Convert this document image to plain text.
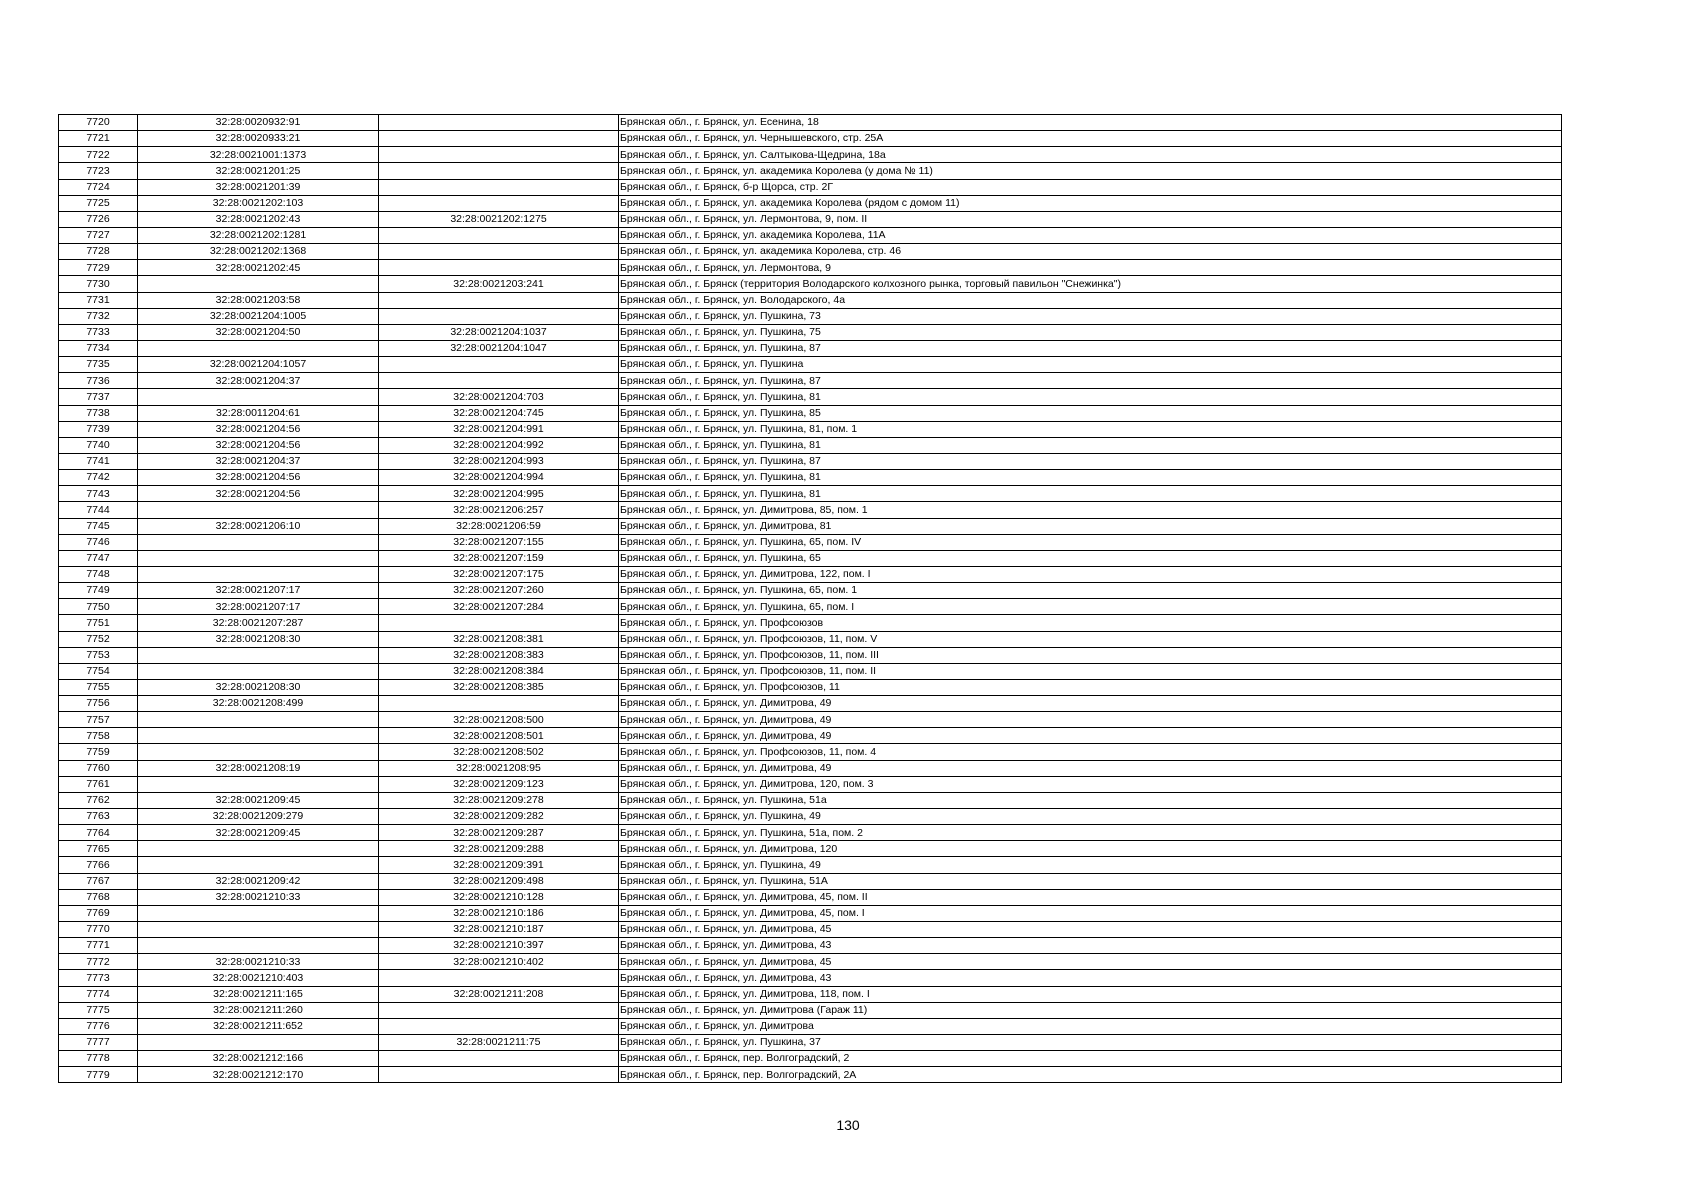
7720	32:28:0020932:91		Брянская обл., г. Брянск, ул. Есенина, 18
7721	32:28:0020933:21		Брянская обл., г. Брянск, ул. Чернышевского, стр. 25А
7722	32:28:0021001:1373		Брянская обл., г. Брянск, ул. Салтыкова-Щедрина, 18а
7723	32:28:0021201:25		Брянская обл., г. Брянск, ул. академика Королева (у дома № 11)
7724	32:28:0021201:39		Брянская обл., г. Брянск, б-р Щорса, стр. 2Г
7725	32:28:0021202:103		Брянская обл., г. Брянск, ул. академика Королева (рядом с домом 11)
7726	32:28:0021202:43	32:28:0021202:1275	Брянская обл., г. Брянск, ул. Лермонтова, 9, пом. II
7727	32:28:0021202:1281		Брянская обл., г. Брянск, ул. академика Королева, 11А
7728	32:28:0021202:1368		Брянская обл., г. Брянск, ул. академика Королева, стр. 46
7729	32:28:0021202:45		Брянская обл., г. Брянск, ул. Лермонтова, 9
7730		32:28:0021203:241	Брянская обл., г. Брянск (территория Володарского колхозного рынка, торговый павильон "Снежинка")
7731	32:28:0021203:58		Брянская обл., г. Брянск, ул. Володарского, 4а
7732	32:28:0021204:1005		Брянская обл., г. Брянск, ул. Пушкина, 73
7733	32:28:0021204:50	32:28:0021204:1037	Брянская обл., г. Брянск, ул. Пушкина, 75
7734		32:28:0021204:1047	Брянская обл., г. Брянск, ул. Пушкина, 87
7735	32:28:0021204:1057		Брянская обл., г. Брянск, ул. Пушкина
7736	32:28:0021204:37		Брянская обл., г. Брянск, ул. Пушкина, 87
7737		32:28:0021204:703	Брянская обл., г. Брянск, ул. Пушкина, 81
7738	32:28:0011204:61	32:28:0021204:745	Брянская обл., г. Брянск, ул. Пушкина, 85
7739	32:28:0021204:56	32:28:0021204:991	Брянская обл., г. Брянск, ул. Пушкина, 81, пом. 1
7740	32:28:0021204:56	32:28:0021204:992	Брянская обл., г. Брянск, ул. Пушкина, 81
7741	32:28:0021204:37	32:28:0021204:993	Брянская обл., г. Брянск, ул. Пушкина, 87
7742	32:28:0021204:56	32:28:0021204:994	Брянская обл., г. Брянск, ул. Пушкина, 81
7743	32:28:0021204:56	32:28:0021204:995	Брянская обл., г. Брянск, ул. Пушкина, 81
7744		32:28:0021206:257	Брянская обл., г. Брянск, ул. Димитрова, 85, пом. 1
7745	32:28:0021206:10	32:28:0021206:59	Брянская обл., г. Брянск, ул. Димитрова, 81
7746		32:28:0021207:155	Брянская обл., г. Брянск, ул. Пушкина, 65, пом. IV
7747		32:28:0021207:159	Брянская обл., г. Брянск, ул. Пушкина, 65
7748		32:28:0021207:175	Брянская обл., г. Брянск, ул. Димитрова, 122, пом. I
7749	32:28:0021207:17	32:28:0021207:260	Брянская обл., г. Брянск, ул. Пушкина, 65, пом. 1
7750	32:28:0021207:17	32:28:0021207:284	Брянская обл., г. Брянск, ул. Пушкина, 65, пом. I
7751	32:28:0021207:287		Брянская обл., г. Брянск, ул. Профсоюзов
7752	32:28:0021208:30	32:28:0021208:381	Брянская обл., г. Брянск, ул. Профсоюзов, 11, пом. V
7753		32:28:0021208:383	Брянская обл., г. Брянск, ул. Профсоюзов, 11, пом. III
7754		32:28:0021208:384	Брянская обл., г. Брянск, ул. Профсоюзов, 11, пом. II
7755	32:28:0021208:30	32:28:0021208:385	Брянская обл., г. Брянск, ул. Профсоюзов, 11
7756	32:28:0021208:499		Брянская обл., г. Брянск, ул. Димитрова, 49
7757		32:28:0021208:500	Брянская обл., г. Брянск, ул. Димитрова, 49
7758		32:28:0021208:501	Брянская обл., г. Брянск, ул. Димитрова, 49
7759		32:28:0021208:502	Брянская обл., г. Брянск, ул. Профсоюзов, 11, пом. 4
7760	32:28:0021208:19	32:28:0021208:95	Брянская обл., г. Брянск, ул. Димитрова, 49
7761		32:28:0021209:123	Брянская обл., г. Брянск, ул. Димитрова, 120, пом. 3
7762	32:28:0021209:45	32:28:0021209:278	Брянская обл., г. Брянск, ул. Пушкина, 51а
7763	32:28:0021209:279	32:28:0021209:282	Брянская обл., г. Брянск, ул. Пушкина, 49
7764	32:28:0021209:45	32:28:0021209:287	Брянская обл., г. Брянск, ул. Пушкина, 51а, пом. 2
7765		32:28:0021209:288	Брянская обл., г. Брянск, ул. Димитрова, 120
7766		32:28:0021209:391	Брянская обл., г. Брянск, ул. Пушкина, 49
7767	32:28:0021209:42	32:28:0021209:498	Брянская обл., г. Брянск, ул. Пушкина, 51А
7768	32:28:0021210:33	32:28:0021210:128	Брянская обл., г. Брянск, ул. Димитрова, 45, пом. II
7769		32:28:0021210:186	Брянская обл., г. Брянск, ул. Димитрова, 45, пом. I
7770		32:28:0021210:187	Брянская обл., г. Брянск, ул. Димитрова, 45
7771		32:28:0021210:397	Брянская обл., г. Брянск, ул. Димитрова, 43
7772	32:28:0021210:33	32:28:0021210:402	Брянская обл., г. Брянск, ул. Димитрова, 45
7773	32:28:0021210:403		Брянская обл., г. Брянск, ул. Димитрова, 43
7774	32:28:0021211:165	32:28:0021211:208	Брянская обл., г. Брянск, ул. Димитрова, 118, пом. I
7775	32:28:0021211:260		Брянская обл., г. Брянск, ул. Димитрова (Гараж 11)
7776	32:28:0021211:652		Брянская обл., г. Брянск, ул. Димитрова
7777		32:28:0021211:75	Брянская обл., г. Брянск, ул. Пушкина, 37
7778	32:28:0021212:166		Брянская обл., г. Брянск, пер. Волгоградский, 2
7779	32:28:0021212:170		Брянская обл., г. Брянск, пер. Волгоградский, 2А
130
